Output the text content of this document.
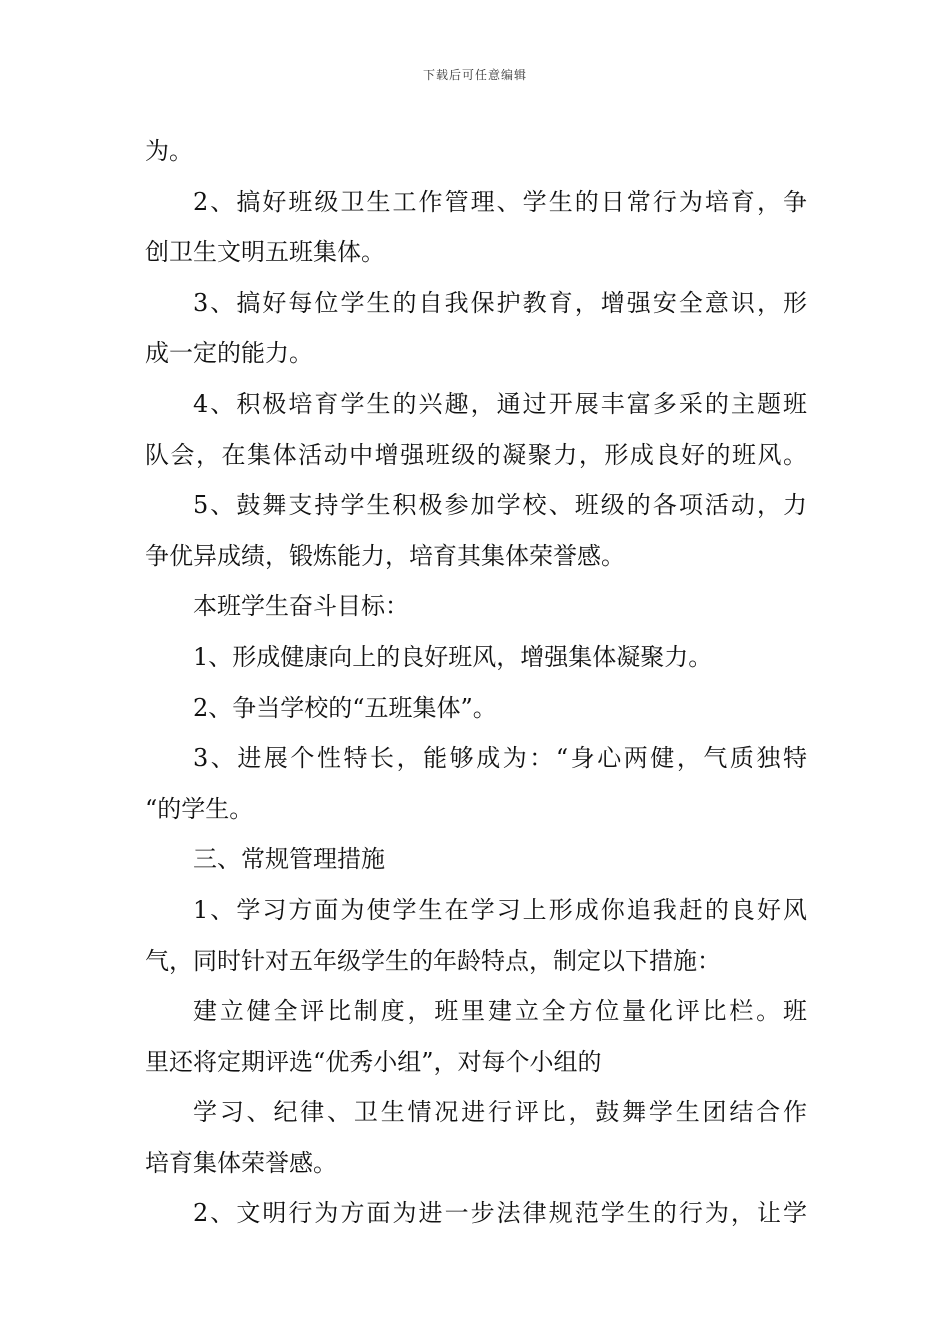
下载后可任意编辑
为。
2、搞好班级卫生工作管理、学生的日常行为培育，争
创卫生文明五班集体。
3、搞好每位学生的自我保护教育，增强安全意识，形
成一定的能力。
4、积极培育学生的兴趣，通过开展丰富多采的主题班
队会，在集体活动中增强班级的凝聚力，形成良好的班风。
5、鼓舞支持学生积极参加学校、班级的各项活动，力
争优异成绩，锻炼能力，培育其集体荣誉感。
本班学生奋斗目标：
1、形成健康向上的良好班风，增强集体凝聚力。
2、争当学校的“五班集体”。
3、进展个性特长，能够成为：“身心两健，气质独特
“的学生。
三、常规管理措施
1、学习方面为使学生在学习上形成你追我赶的良好风
气，同时针对五年级学生的年龄特点，制定以下措施：
建立健全评比制度，班里建立全方位量化评比栏。班
里还将定期评选“优秀小组”，对每个小组的
学习、纪律、卫生情况进行评比，鼓舞学生团结合作
培育集体荣誉感。
2、文明行为方面为进一步法律规范学生的行为，让学
